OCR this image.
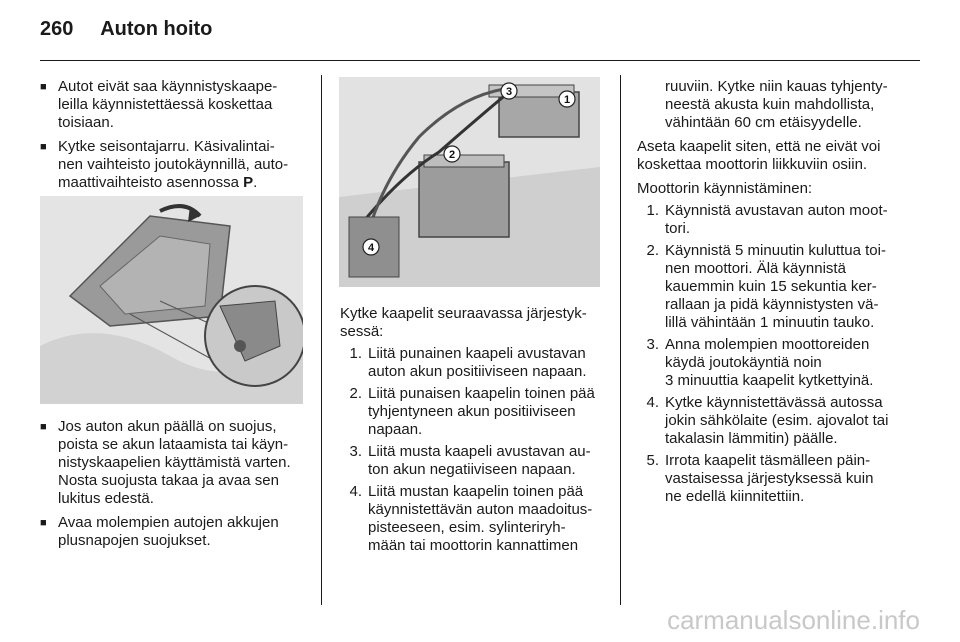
260 Auton hoito

■ Autot eivät saa käynnistyskaape-
leilla käynnistettäessä koskettaa
toisiaan.

■ Kytke seisontajarru. Käsivalintai-
nen vaihteisto joutokäynnillä, auto-
maattivaihteisto asennossa P.

■ Jos auton akun päällä on suojus,
poista se akun lataamista tai käyn-
nistyskaapelien käyttämistä varten.
Nosta suojusta takaa ja avaa sen
lukitus edestä.

■ Avaa molempien autojen akkujen
plusnapojen suojukset.

1
2
3
4

Kytke kaapelit seuraavassa järjestyk-
sessä:

1. Liitä punainen kaapeli avustavan
auton akun positiiviseen napaan.
2. Liitä punaisen kaapelin toinen pää
tyhjentyneen akun positiiviseen
napaan.
3. Liitä musta kaapeli avustavan au-
ton akun negatiiviseen napaan.
4. Liitä mustan kaapelin toinen pää
käynnistettävän auton maadoitus-
pisteeseen, esim. sylinteriryh-
mään tai moottorin kannattimen

ruuviin. Kytke niin kauas tyhjenty-
neestä akusta kuin mahdollista,
vähintään 60 cm etäisyydelle.

Aseta kaapelit siten, että ne eivät voi
koskettaa moottorin liikkuviin osiin.

Moottorin käynnistäminen:

1. Käynnistä avustavan auton moot-
tori.
2. Käynnistä 5 minuutin kuluttua toi-
nen moottori. Älä käynnistä
kauemmin kuin 15 sekuntia ker-
rallaan ja pidä käynnistysten vä-
lillä vähintään 1 minuutin tauko.
3. Anna molempien moottoreiden
käydä joutokäyntiä noin
3 minuuttia kaapelit kytkettyinä.
4. Kytke käynnistettävässä autossa
jokin sähkölaite (esim. ajovalot tai
takalasin lämmitin) päälle.
5. Irrota kaapelit täsmälleen päin-
vastaisessa järjestyksessä kuin
ne edellä kiinnitettiin.
carmanualsonline.info
